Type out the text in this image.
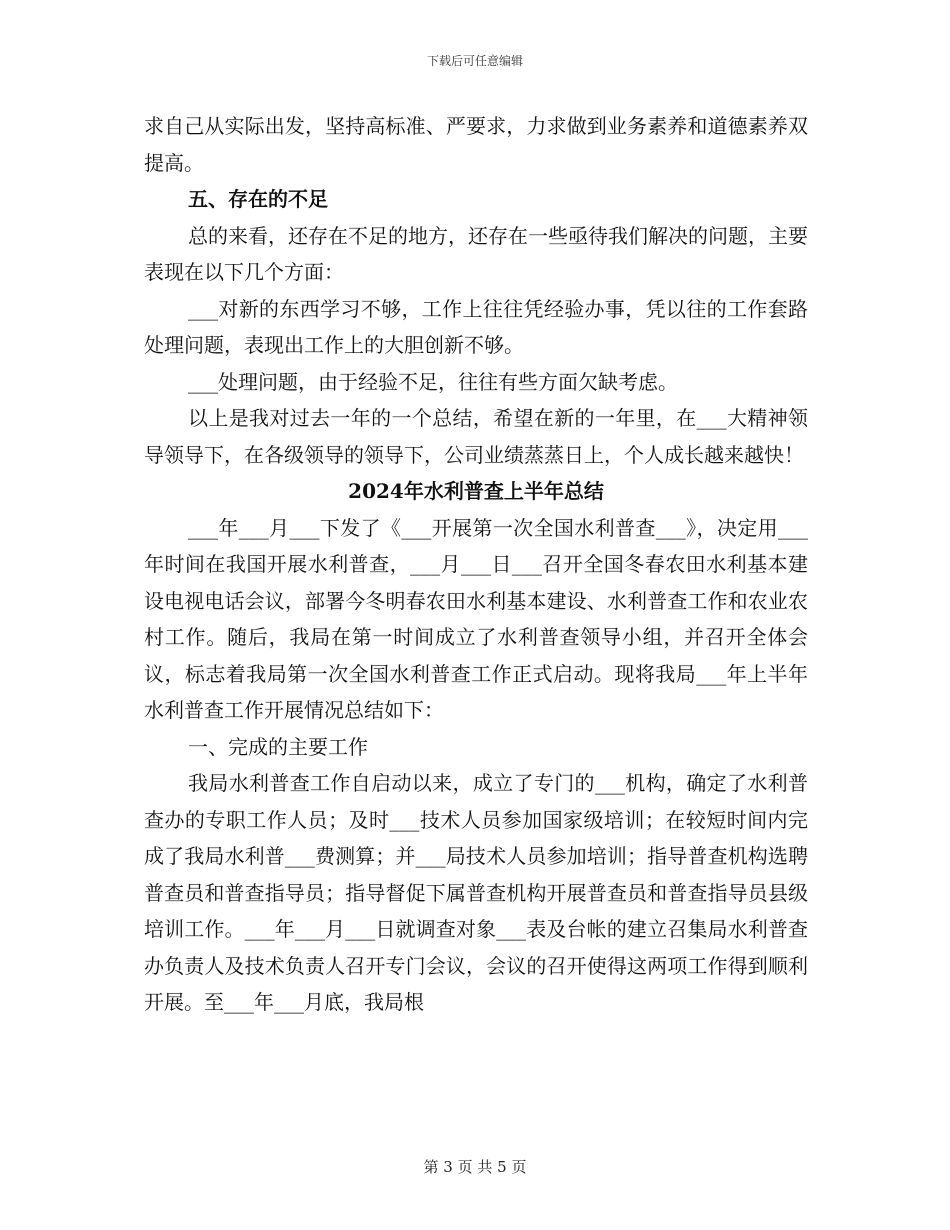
下载后可任意编辑

求自己从实际出发，坚持高标准、严要求，力求做到业务素养和道德素养双提高。

五、存在的不足

总的来看，还存在不足的地方，还存在一些亟待我们解决的问题，主要表现在以下几个方面：

___对新的东西学习不够，工作上往往凭经验办事，凭以往的工作套路处理问题，表现出工作上的大胆创新不够。

___处理问题，由于经验不足，往往有些方面欠缺考虑。

以上是我对过去一年的一个总结，希望在新的一年里，在___大精神领导领导下，在各级领导的领导下，公司业绩蒸蒸日上，个人成长越来越快！

2024年水利普查上半年总结

___年___月___下发了《___开展第一次全国水利普查___》，决定用___年时间在我国开展水利普查，___月___日___召开全国冬春农田水利基本建设电视电话会议，部署今冬明春农田水利基本建设、水利普查工作和农业农村工作。随后，我局在第一时间成立了水利普查领导小组，并召开全体会议，标志着我局第一次全国水利普查工作正式启动。现将我局___年上半年水利普查工作开展情况总结如下：

一、完成的主要工作

我局水利普查工作自启动以来，成立了专门的___机构，确定了水利普查办的专职工作人员；及时___技术人员参加国家级培训；在较短时间内完成了我局水利普___费测算；并___局技术人员参加培训；指导普查机构选聘普查员和普查指导员；指导督促下属普查机构开展普查员和普查指导员县级培训工作。___年___月___日就调查对象___表及台帐的建立召集局水利普查办负责人及技术负责人召开专门会议，会议的召开使得这两项工作得到顺利开展。至___年___月底，我局根

第 3 页 共 5 页
